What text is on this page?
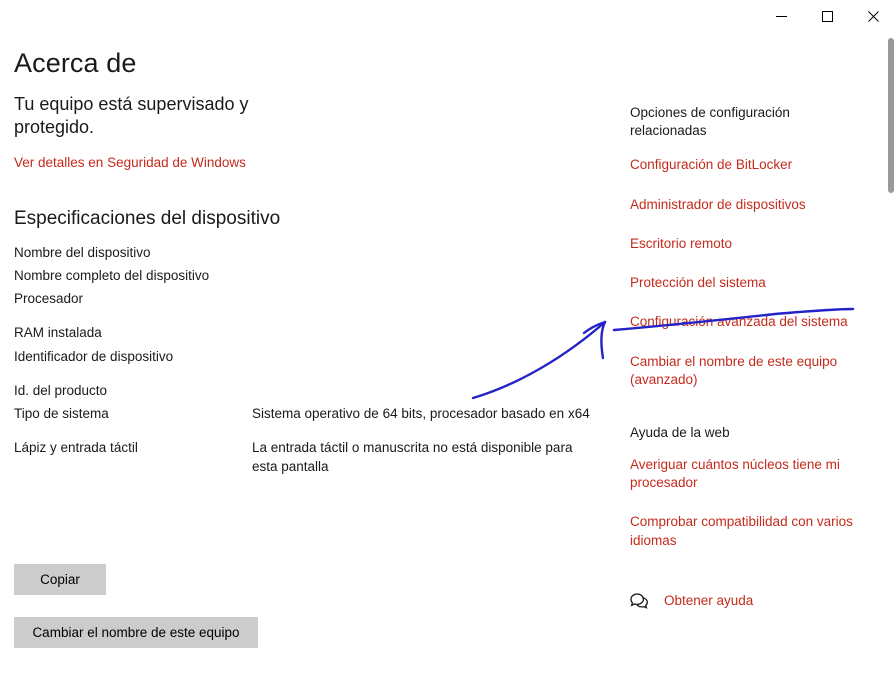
Acerca de
Tu equipo está supervisado y protegido.
Ver detalles en Seguridad de Windows
Especificaciones del dispositivo
Nombre del dispositivo	
Nombre completo del dispositivo	
Procesador	

RAM instalada	
Identificador de dispositivo	

Id. del producto	
Tipo de sistema	Sistema operativo de 64 bits, procesador basado en x64

Lápiz y entrada táctil	La entrada táctil o manuscrita no está disponible para esta pantalla
Copiar
Cambiar el nombre de este equipo
Opciones de configuración relacionadas
Configuración de BitLocker
Administrador de dispositivos
Escritorio remoto
Protección del sistema
Configuración avanzada del sistema
Cambiar el nombre de este equipo (avanzado)
Ayuda de la web
Averiguar cuántos núcleos tiene mi procesador
Comprobar compatibilidad con varios idiomas
Obtener ayuda
